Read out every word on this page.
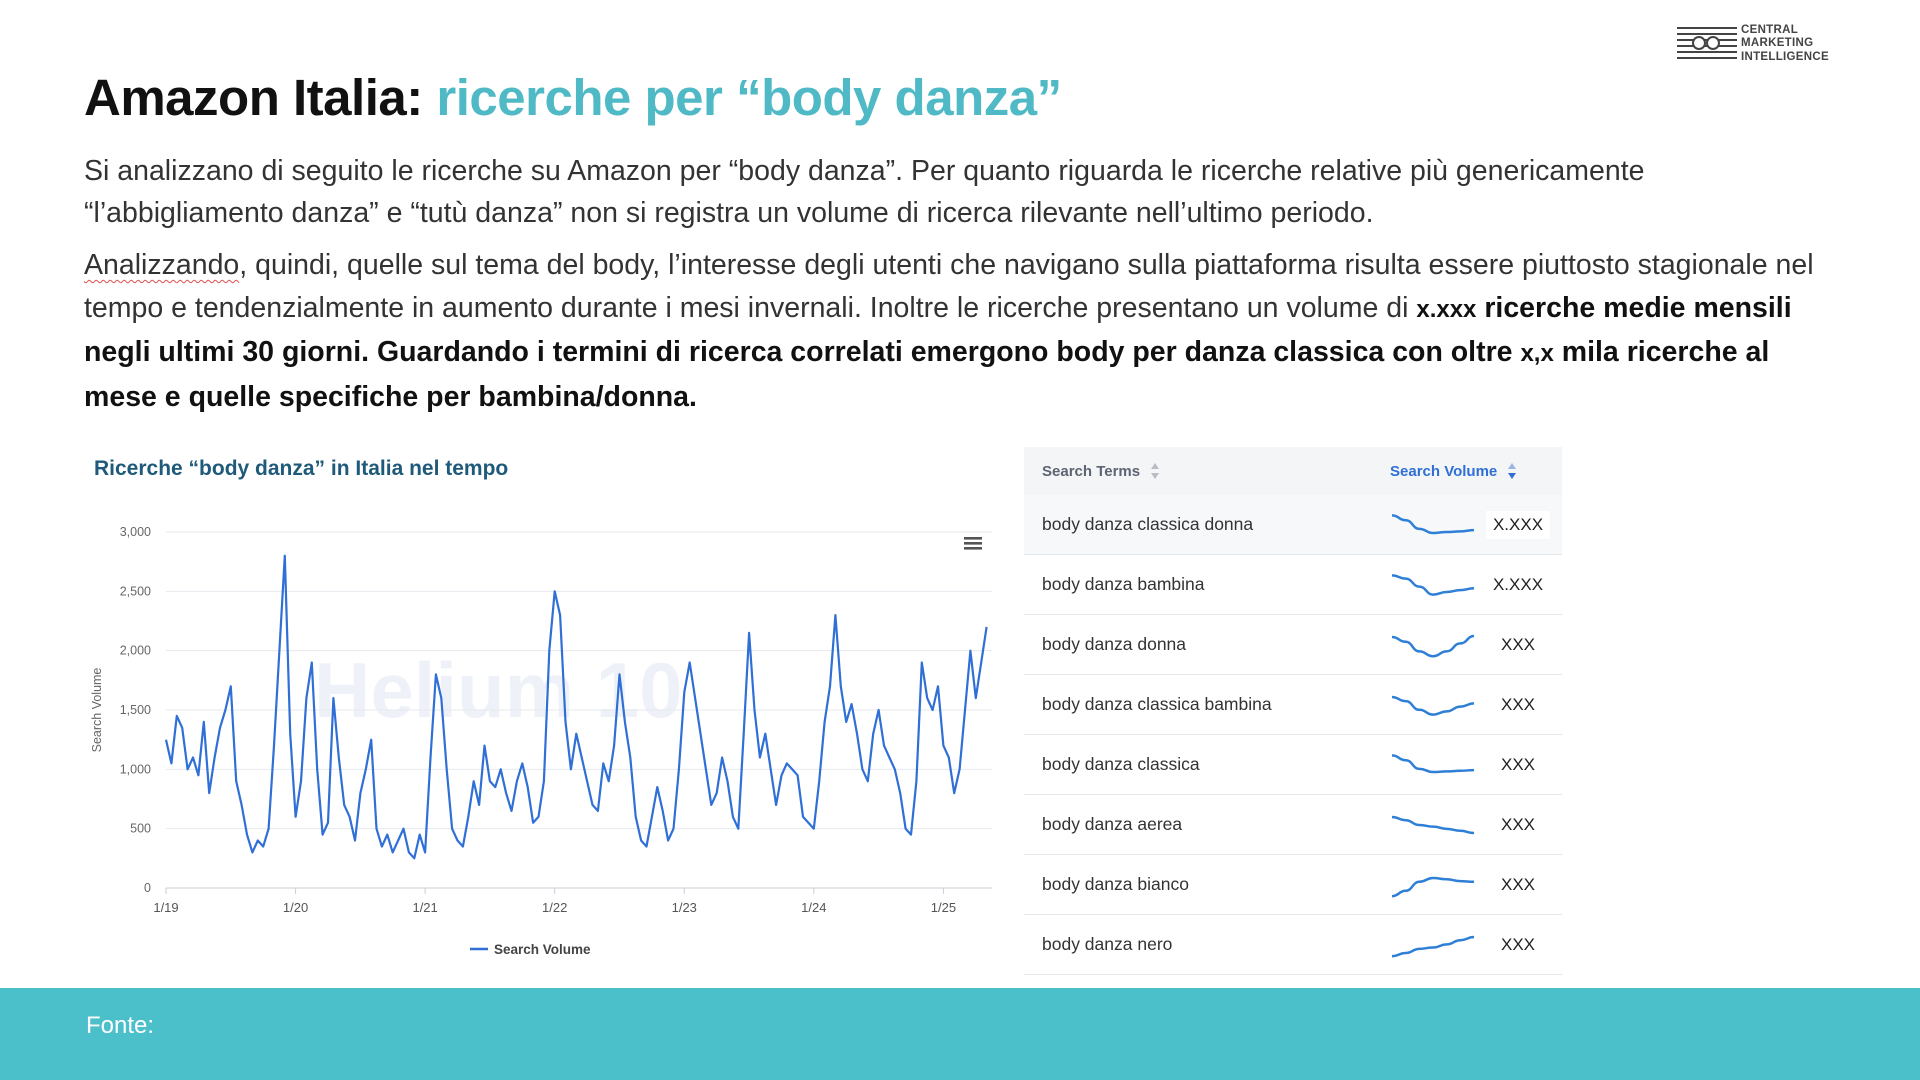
CENTRAL
MARKETING
INTELLIGENCE
Amazon Italia: ricerche per “body danza”

Si analizzano di seguito le ricerche su Amazon per “body danza”. Per quanto riguarda le ricerche relative più genericamente “l’abbigliamento danza” e “tutù danza” non si registra un volume di ricerca rilevante nell’ultimo periodo.

Analizzando, quindi, quelle sul tema del body, l’interesse degli utenti che navigano sulla piattaforma risulta essere piuttosto stagionale nel tempo e tendenzialmente in aumento durante i mesi invernali. Inoltre le ricerche presentano un volume di x.xxx ricerche medie mensili negli ultimi 30 giorni. Guardando i termini di ricerca correlati emergono body per danza classica con oltre x,x mila ricerche al mese e quelle specifiche per bambina/donna.

Helium 10
0
500
1,000
1,500
2,000
2,500
3,000
1/19	1/20	1/21	1/22	1/23	1/24	1/25
Search Volume
Search Volume
Ricerche “body danza” in Italia nel tempo	Search Terms	Search Volume
body danza classica donna	X.XXX
body danza bambina	X.XXX
body danza donna	XXX
body danza classica bambina	XXX
body danza classica	XXX
body danza aerea	XXX
body danza bianco	XXX
body danza nero	XXX
Fonte:
